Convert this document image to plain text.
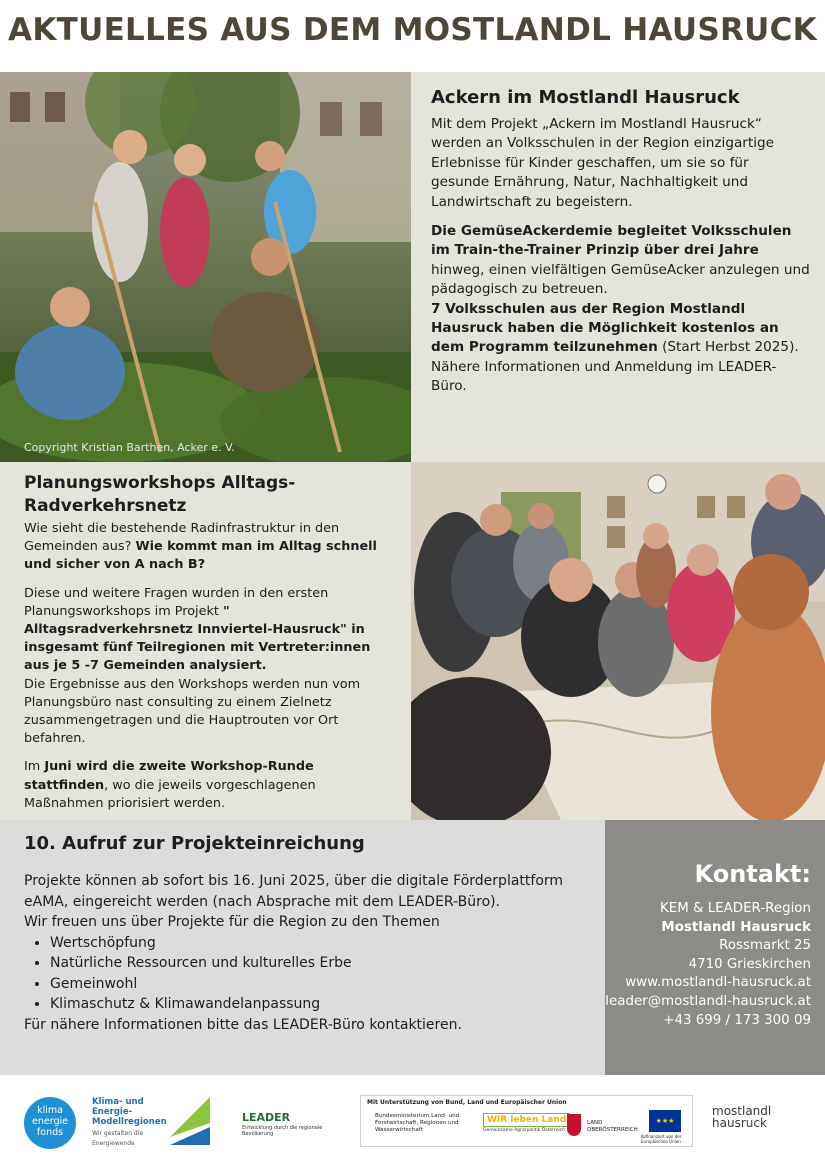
AKTUELLES AUS DEM MOSTLANDL HAUSRUCK
Copyright Kristian Barthen, Acker e. V.
Ackern im Mostlandl Hausruck

Mit dem Projekt „Ackern im Mostlandl Hausruck“ werden an Volksschulen in der Region einzigartige Erlebnisse für Kinder geschaffen, um sie so für gesunde Ernährung, Natur, Nachhaltigkeit und Landwirtschaft zu begeistern.

Die GemüseAckerdemie begleitet Volksschulen im Train-the-Trainer Prinzip über drei Jahre hinweg, einen vielfältigen GemüseAcker anzulegen und pädagogisch zu betreuen.

7 Volksschulen aus der Region Mostlandl Hausruck haben die Möglichkeit kostenlos an dem Programm teilzunehmen (Start Herbst 2025).

Nähere Informationen und Anmeldung im LEADER-Büro.

Planungsworkshops Alltags-Radverkehrsnetz

Wie sieht die bestehende Radinfrastruktur in den Gemeinden aus? Wie kommt man im Alltag schnell und sicher von A nach B?

Diese und weitere Fragen wurden in den ersten Planungsworkshops im Projekt " Alltagsradverkehrsnetz Innviertel-Hausruck" in insgesamt fünf Teilregionen mit Vertreter:innen aus je 5 -7 Gemeinden analysiert.

Die Ergebnisse aus den Workshops werden nun vom Planungsbüro nast consulting zu einem Zielnetz zusammengetragen und die Hauptrouten vor Ort befahren.

Im Juni wird die zweite Workshop-Runde stattfinden, wo die jeweils vorgeschlagenen Maßnahmen priorisiert werden.

10. Aufruf zur Projekteinreichung

Projekte können ab sofort bis 16. Juni 2025, über die digitale Förderplattform eAMA, eingereicht werden (nach Absprache mit dem LEADER-Büro).

Wir freuen uns über Projekte für die Region zu den Themen

• Wertschöpfung
• Natürliche Ressourcen und kulturelles Erbe
• Gemeinwohl
• Klimaschutz & Klimawandelanpassung

Für nähere Informationen bitte das LEADER-Büro kontaktieren.

Kontakt:
KEM & LEADER-Region
Mostlandl Hausruck
Rossmarkt 25
4710 Grieskirchen
www.mostlandl-hausruck.at
leader@mostlandl-hausruck.at
+43 699 / 173 300 09
klima
energie
fonds
Klima- und Energie-Modellregionen
Wir gestalten die Energiewende
LEADER
Entwicklung durch die regionale Bevölkerung
Mit Unterstützung von Bund, Land und Europäischer Union
Bundesministerium Land- und Forstwirtschaft, Regionen und Wasserwirtschaft
WIR leben Land
Gemeinsame Agrarpolitik Österreich
LAND OBERÖSTERREICH
★★★
Kofinanziert von der Europäischen Union
mostlandl
hausruck
